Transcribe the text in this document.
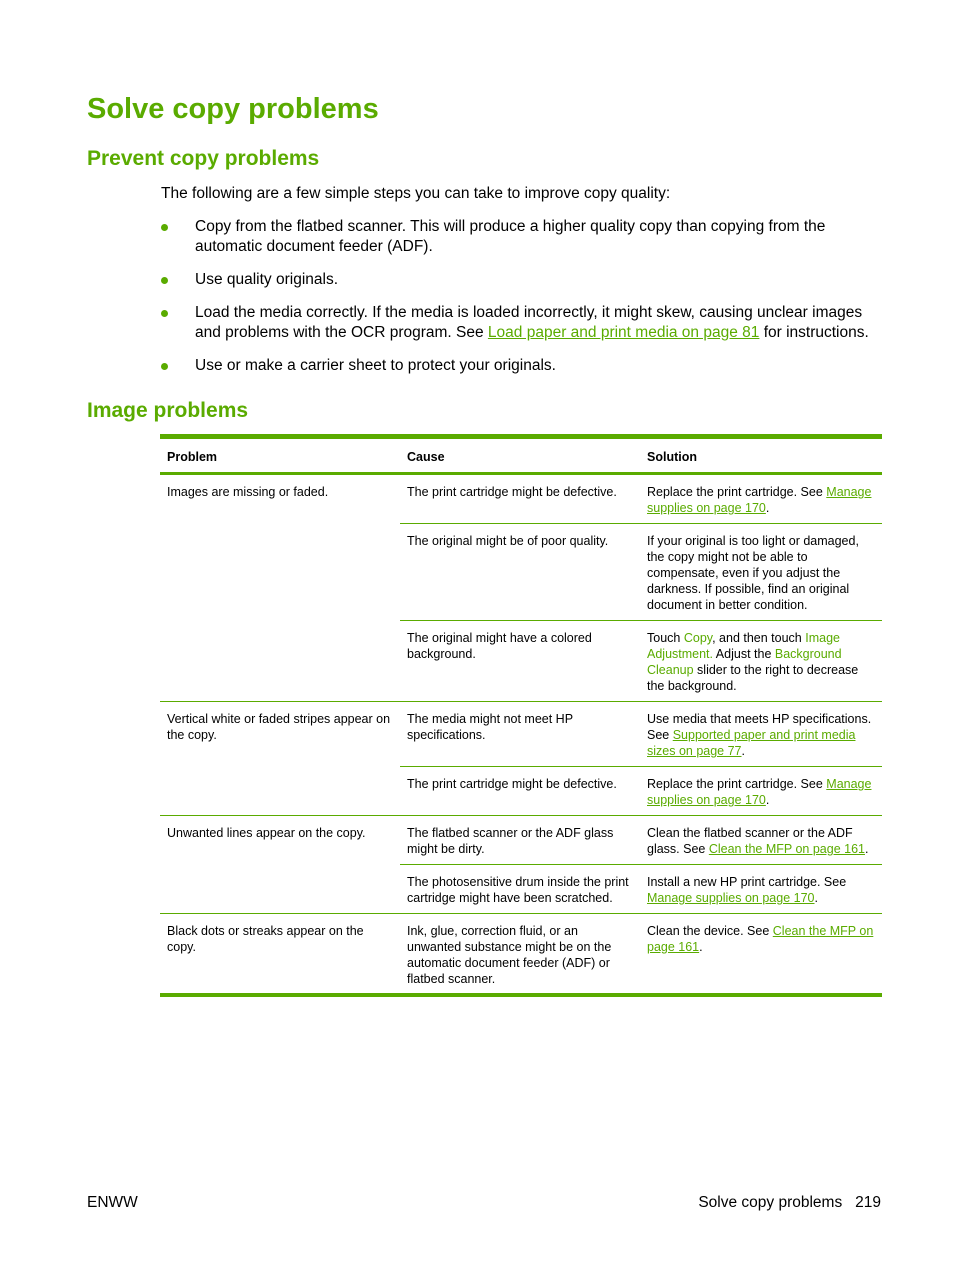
Solve copy problems
Prevent copy problems

The following are a few simple steps you can take to improve copy quality:

Copy from the flatbed scanner. This will produce a higher quality copy than copying from the automatic document feeder (ADF).
Use quality originals.
Load the media correctly. If the media is loaded incorrectly, it might skew, causing unclear images and problems with the OCR program. See Load paper and print media on page 81 for instructions.
Use or make a carrier sheet to protect your originals.
Image problems
Problem	Cause	Solution
Images are missing or faded.	The print cartridge might be defective.	Replace the print cartridge. See Manage supplies on page 170.
	The original might be of poor quality.	If your original is too light or damaged, the copy might not be able to compensate, even if you adjust the darkness. If possible, find an original document in better condition.
	The original might have a colored background.	Touch Copy, and then touch Image Adjustment. Adjust the Background Cleanup slider to the right to decrease the background.
Vertical white or faded stripes appear on the copy.	The media might not meet HP specifications.	Use media that meets HP specifications. See Supported paper and print media sizes on page 77.
	The print cartridge might be defective.	Replace the print cartridge. See Manage supplies on page 170.
Unwanted lines appear on the copy.	The flatbed scanner or the ADF glass might be dirty.	Clean the flatbed scanner or the ADF glass. See Clean the MFP on page 161.
	The photosensitive drum inside the print cartridge might have been scratched.	Install a new HP print cartridge. See Manage supplies on page 170.
Black dots or streaks appear on the copy.	Ink, glue, correction fluid, or an unwanted substance might be on the automatic document feeder (ADF) or flatbed scanner.	Clean the device. See Clean the MFP on page 161.
ENWW	Solve copy problems   219
